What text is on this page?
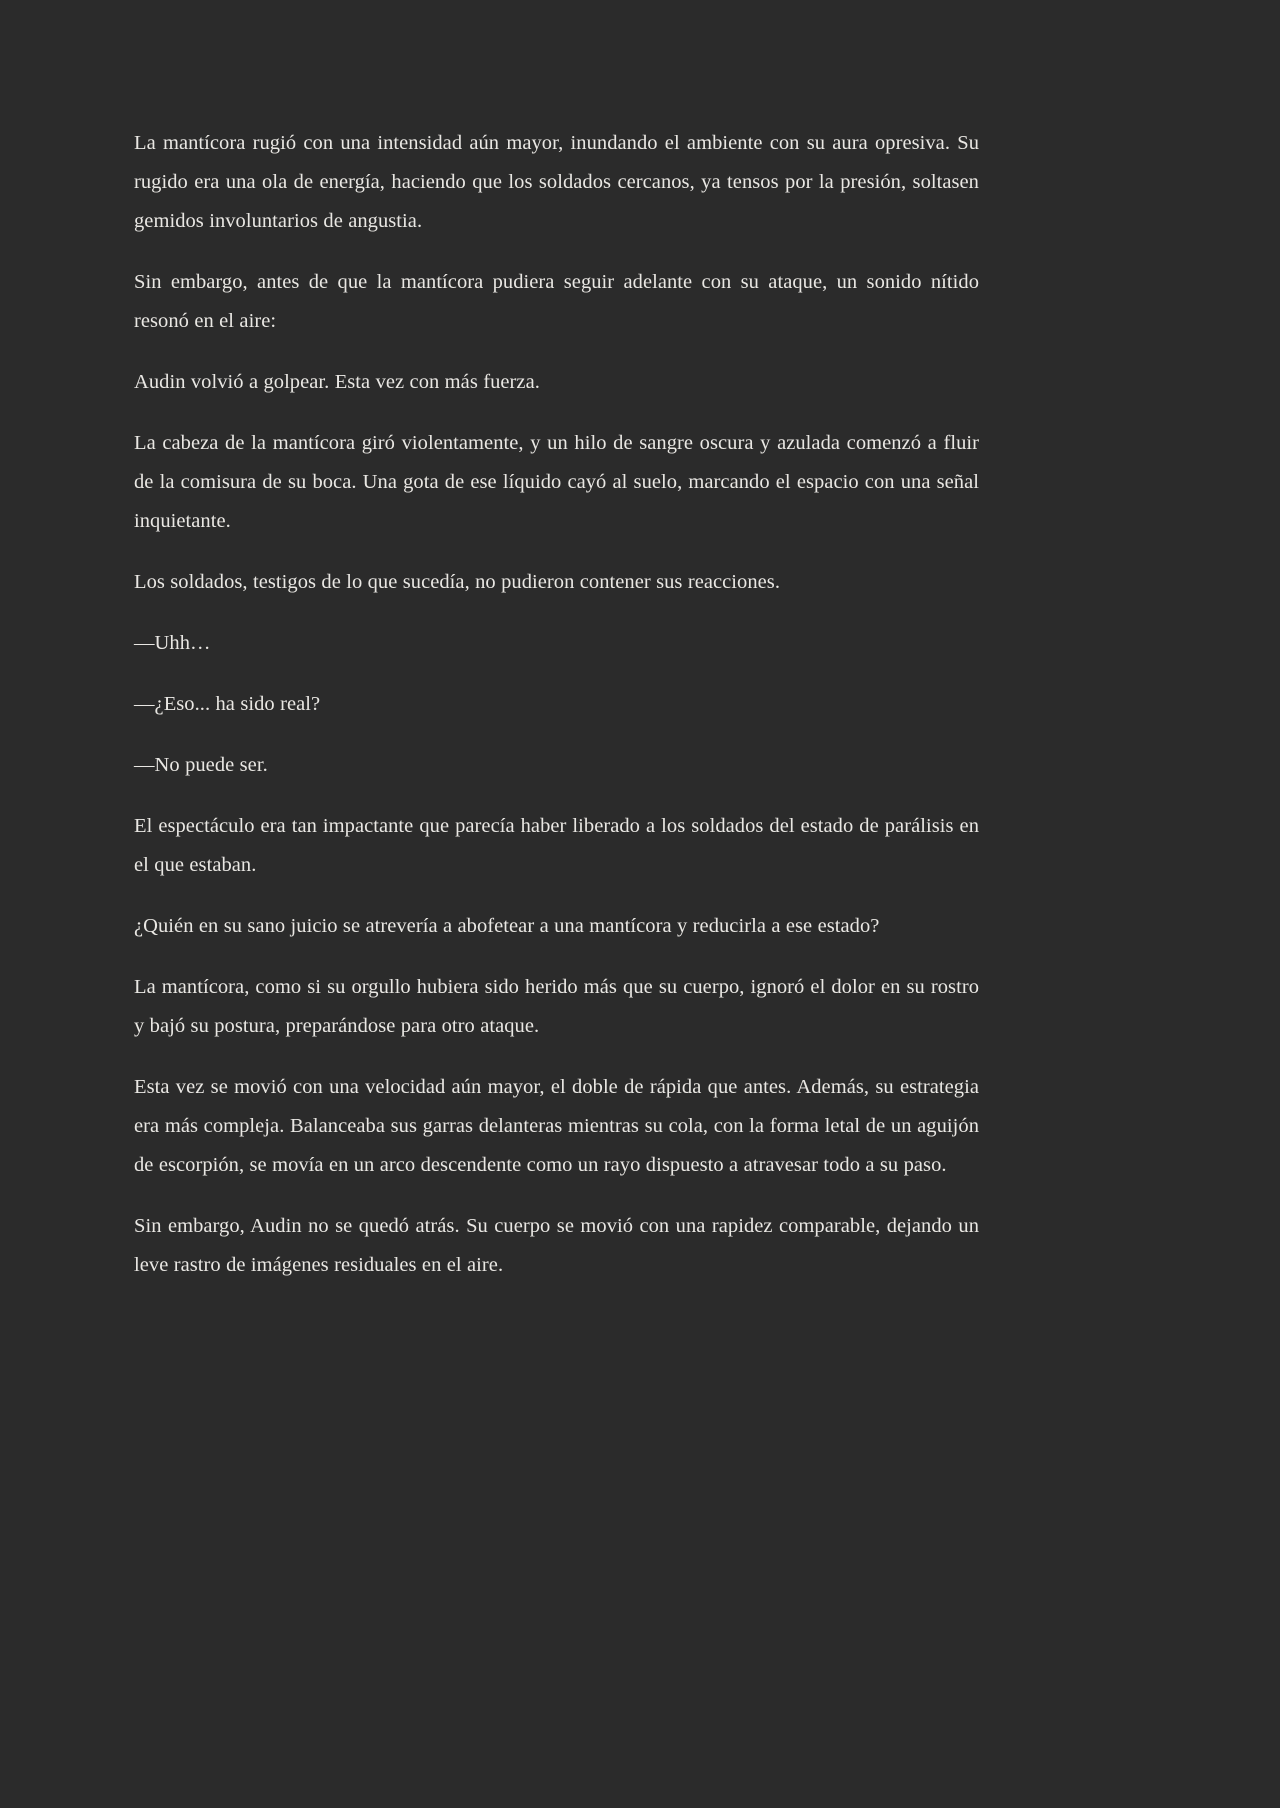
La mantícora rugió con una intensidad aún mayor, inundando el ambiente con su aura opresiva. Su rugido era una ola de energía, haciendo que los soldados cercanos, ya tensos por la presión, soltasen gemidos involuntarios de angustia.

Sin embargo, antes de que la mantícora pudiera seguir adelante con su ataque, un sonido nítido resonó en el aire:

Audin volvió a golpear. Esta vez con más fuerza.

La cabeza de la mantícora giró violentamente, y un hilo de sangre oscura y azulada comenzó a fluir de la comisura de su boca. Una gota de ese líquido cayó al suelo, marcando el espacio con una señal inquietante.

Los soldados, testigos de lo que sucedía, no pudieron contener sus reacciones.

—Uhh…

—¿Eso... ha sido real?

—No puede ser.

El espectáculo era tan impactante que parecía haber liberado a los soldados del estado de parálisis en el que estaban.

¿Quién en su sano juicio se atrevería a abofetear a una mantícora y reducirla a ese estado?

La mantícora, como si su orgullo hubiera sido herido más que su cuerpo, ignoró el dolor en su rostro y bajó su postura, preparándose para otro ataque.

Esta vez se movió con una velocidad aún mayor, el doble de rápida que antes. Además, su estrategia era más compleja. Balanceaba sus garras delanteras mientras su cola, con la forma letal de un aguijón de escorpión, se movía en un arco descendente como un rayo dispuesto a atravesar todo a su paso.

Sin embargo, Audin no se quedó atrás. Su cuerpo se movió con una rapidez comparable, dejando un leve rastro de imágenes residuales en el aire.
